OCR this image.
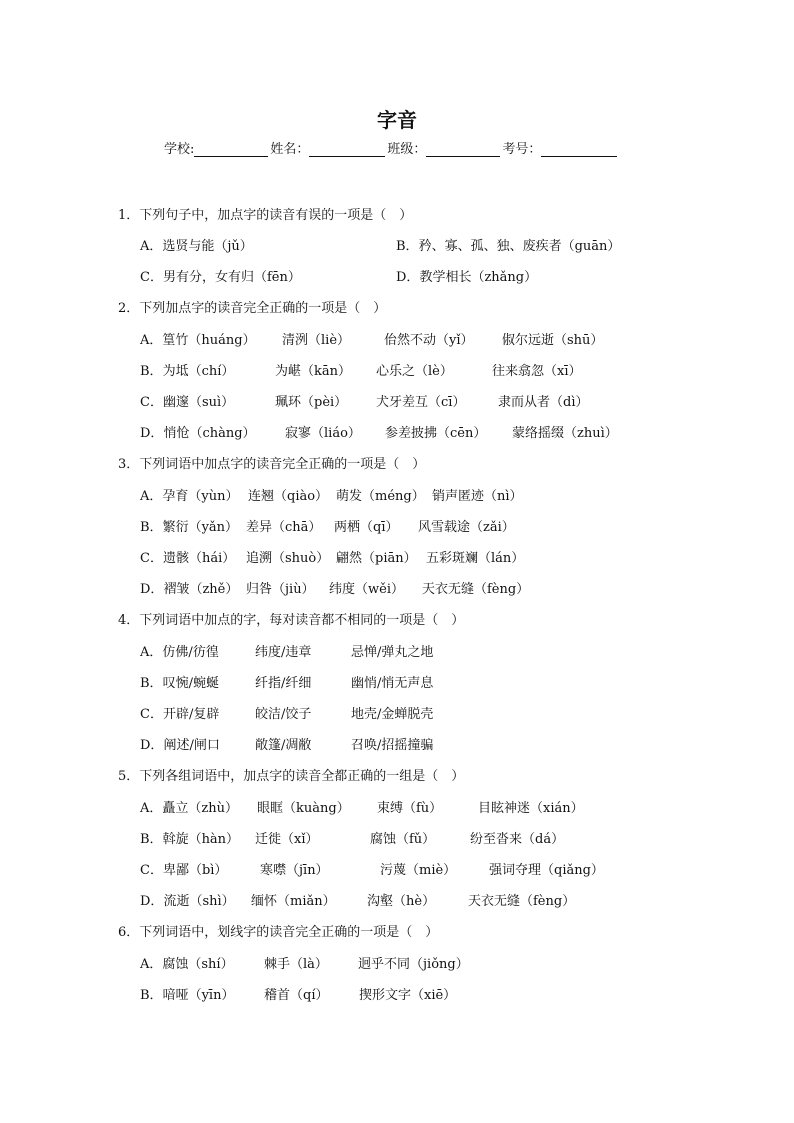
字音
学校:	姓名：	班级：	考号：
1．下列句子中，加点字的读音有误的一项是（　）
A．选贤与能（jǔ）	B．矜、寡、孤、独、废疾者（guān）
C．男有分，女有归（fēn）	D．教学相长（zhǎng）
2．下列加点字的读音完全正确的一项是（　）
A．篁竹（huáng） 清洌（liè）	佁然不动（yǐ） 俶尔远逝（shū）
B．为坻（chí）	为嵁（kān） 心乐之（lè）	往来翕忽（xī）
C．幽邃（suì）	珮环（pèi） 犬牙差互（cī）	隶而从者（dì）
D．悄怆（chàng） 寂寥（liáo） 参差披拂（cēn） 蒙络摇缀（zhuì）
3．下列词语中加点字的读音完全正确的一项是（　）
A．孕育（yùn） 连翘（qiào） 萌发（méng） 销声匿迹（nì）
B．繁衍（yǎn） 差异（chā） 两栖（qī） 风雪载途（zǎi）
C．遗骸（hái） 追溯（shuò） 翩然（piān） 五彩斑斓（lán）
D．褶皱（zhě） 归咎（jiù） 纬度（wěi） 天衣无缝（fèng）
4．下列词语中加点的字，每对读音都不相同的一项是（　）
A．仿佛/彷徨	纬度/违章	忌惮/弹丸之地
B．叹惋/蜿蜒	纤指/纤细	幽悄/悄无声息
C．开辟/复辟	皎洁/饺子	地壳/金蝉脱壳
D．阐述/闸口	敞篷/凋敝	召唤/招摇撞骗
5．下列各组词语中，加点字的读音全都正确的一组是（　）
A．矗立（zhù） 眼眶（kuàng） 束缚（fù）	目眩神迷（xián）
B．斡旋（hàn） 迁徙（xǐ）	腐蚀（fǔ）	纷至沓来（dá）
C．卑鄙（bì）	寒噤（jīn）	污蔑（miè）	强词夺理（qiǎng）
D．流逝（shì） 缅怀（miǎn） 沟壑（hè）	天衣无缝（fèng）
6．下列词语中，划线字的读音完全正确的一项是（　）
A．腐蚀（shí） 棘手（là） 迥乎不同（jiǒng）
B．喑哑（yīn） 稽首（qí） 揳形文字（xiē）
